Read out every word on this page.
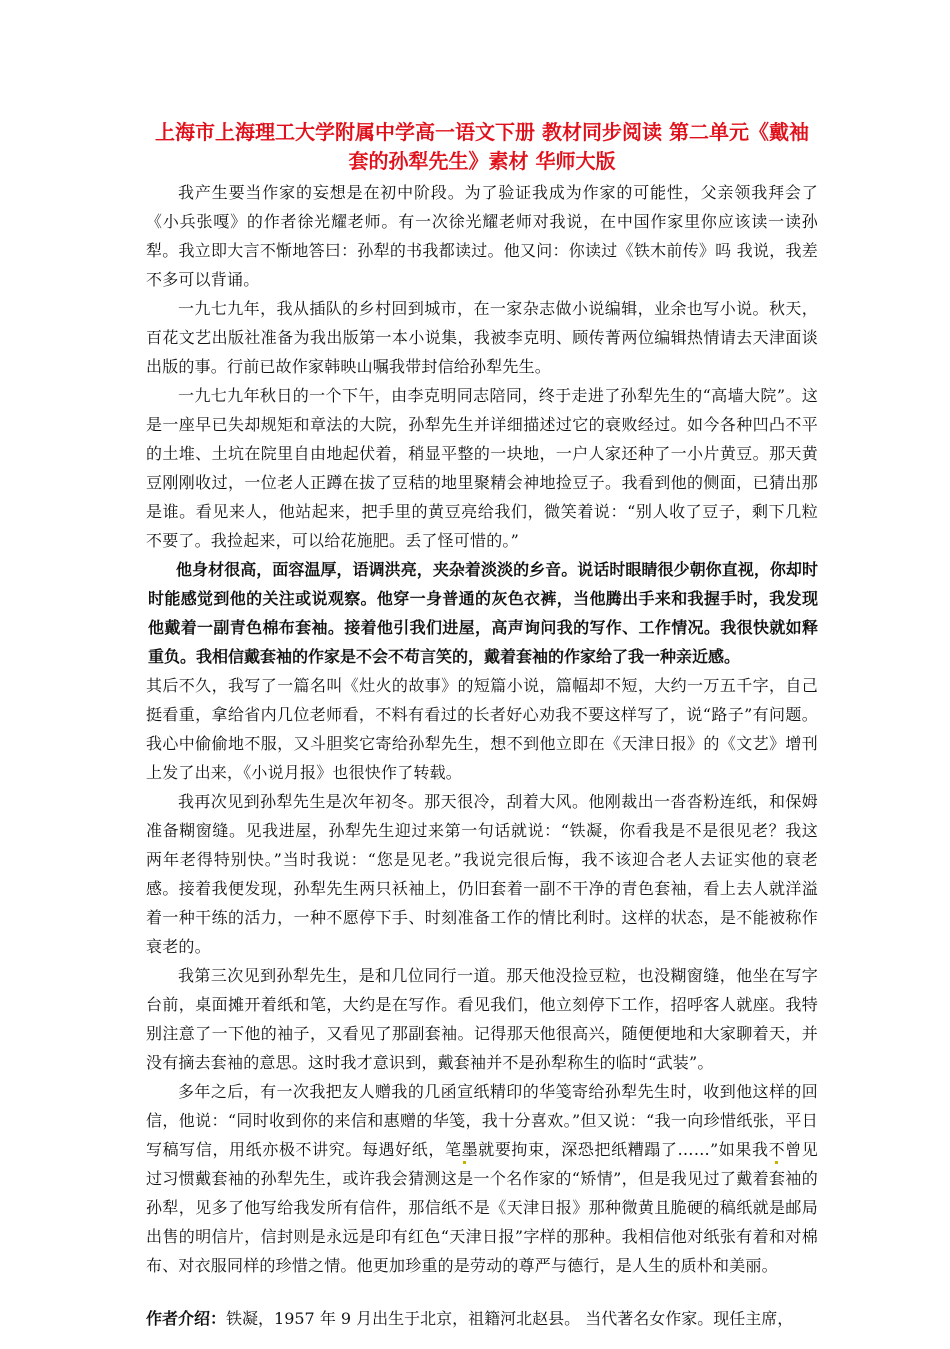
上海市上海理工大学附属中学高一语文下册 教材同步阅读 第二单元《戴袖套的孙犁先生》素材 华师大版

我产生要当作家的妄想是在初中阶段。为了验证我成为作家的可能性，父亲领我拜会了《小兵张嘎》的作者徐光耀老师。有一次徐光耀老师对我说，在中国作家里你应该读一读孙犁。我立即大言不惭地答曰：孙犁的书我都读过。他又问：你读过《铁木前传》吗 我说，我差不多可以背诵。

一九七九年，我从插队的乡村回到城市，在一家杂志做小说编辑，业余也写小说。秋天，百花文艺出版社准备为我出版第一本小说集，我被李克明、顾传菁两位编辑热情请去天津面谈出版的事。行前已故作家韩映山嘱我带封信给孙犁先生。

一九七九年秋日的一个下午，由李克明同志陪同，终于走进了孙犁先生的“高墙大院”。这是一座早已失却规矩和章法的大院，孙犁先生并详细描述过它的衰败经过。如今各种凹凸不平的土堆、土坑在院里自由地起伏着，稍显平整的一块地，一户人家还种了一小片黄豆。那天黄豆刚刚收过，一位老人正蹲在拔了豆秸的地里聚精会神地捡豆子。我看到他的侧面，已猜出那是谁。看见来人，他站起来，把手里的黄豆亮给我们，微笑着说：“别人收了豆子，剩下几粒不要了。我捡起来，可以给花施肥。丢了怪可惜的。”

他身材很高，面容温厚，语调洪亮，夹杂着淡淡的乡音。说话时眼睛很少朝你直视，你却时时能感觉到他的关注或说观察。他穿一身普通的灰色衣裤，当他腾出手来和我握手时，我发现他戴着一副青色棉布套袖。接着他引我们进屋，高声询问我的写作、工作情况。我很快就如释重负。我相信戴套袖的作家是不会不苟言笑的，戴着套袖的作家给了我一种亲近感。

其后不久，我写了一篇名叫《灶火的故事》的短篇小说，篇幅却不短，大约一万五千字，自己挺看重，拿给省内几位老师看，不料有看过的长者好心劝我不要这样写了，说“路子”有问题。我心中偷偷地不服，又斗胆奖它寄给孙犁先生，想不到他立即在《天津日报》的《文艺》增刊上发了出来，《小说月报》也很快作了转载。

我再次见到孙犁先生是次年初冬。那天很冷，刮着大风。他刚裁出一沓沓粉连纸，和保姆准备糊窗缝。见我进屋，孙犁先生迎过来第一句话就说：“铁凝，你看我是不是很见老？我这两年老得特别快。”当时我说：“您是见老。”我说完很后悔，我不该迎合老人去证实他的衰老感。接着我便发现，孙犁先生两只袄袖上，仍旧套着一副不干净的青色套袖，看上去人就洋溢着一种干练的活力，一种不愿停下手、时刻准备工作的情比利时。这样的状态，是不能被称作衰老的。

我第三次见到孙犁先生，是和几位同行一道。那天他没捡豆粒，也没糊窗缝，他坐在写字台前，桌面摊开着纸和笔，大约是在写作。看见我们，他立刻停下工作，招呼客人就座。我特别注意了一下他的袖子，又看见了那副套袖。记得那天他很高兴，随便便地和大家聊着天，并没有摘去套袖的意思。这时我才意识到，戴套袖并不是孙犁称生的临时“武装”。

多年之后，有一次我把友人赠我的几函宣纸精印的华笺寄给孙犁先生时，收到他这样的回信，他说：“同时收到你的来信和惠赠的华笺，我十分喜欢。”但又说：“我一向珍惜纸张，平日写稿写信，用纸亦极不讲究。每遇好纸，笔墨就要拘束，深恐把纸糟蹋了……”如果我不曾见过习惯戴套袖的孙犁先生，或许我会猜测这是一个名作家的“矫情”，但是我见过了戴着套袖的孙犁，见多了他写给我发所有信件，那信纸不是《天津日报》那种微黄且脆硬的稿纸就是邮局出售的明信片，信封则是永远是印有红色“天津日报”字样的那种。我相信他对纸张有着和对棉布、对衣服同样的珍惜之情。他更加珍重的是劳动的尊严与德行，是人生的质朴和美丽。

作者介绍：铁凝，1957 年 9 月出生于北京，祖籍河北赵县。 当代著名女作家。现任主席，
